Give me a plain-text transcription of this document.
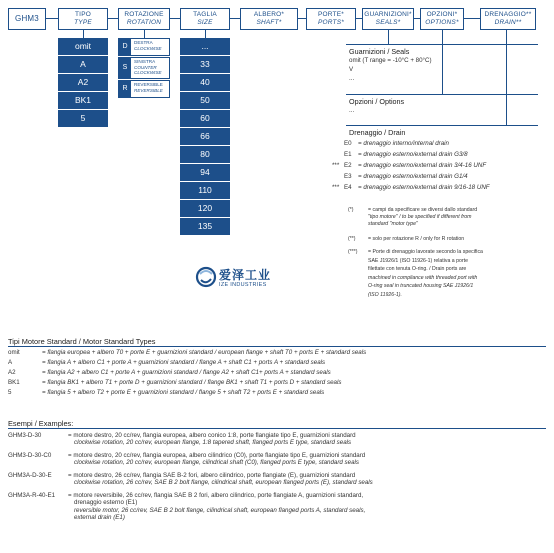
GHM3	TIPO
TYPE
ROTAZIONE
ROTATION
TAGLIA
SIZE
ALBERO*
SHAFT*
PORTE*
PORTS*
GUARNIZIONI*
SEALS*
OPZIONI*
OPTIONS*
DRENAGGIO**
DRAIN**
omit
A
A2
BK1
5
D
DESTRA
CLOCKWISE
S
SINISTRA
COUNTER CLOCKWISE
R
REVERSIBLE
REVERSIBLE
...
33
40
50
60
66
80
94
110
120
135
Guarnizioni / Seals
omit (T range = -10°C + 80°C)
V
...
Opzioni / Options
...
Drenaggio / Drain
E0 = drenaggio interno/internal drain
E1 = drenaggio esterno/external drain G3/8
*** E2 = drenaggio esterno/external drain 3/4-16 UNF
E3 = drenaggio esterno/external drain G1/4
*** E4 = drenaggio esterno/external drain 9/16-18 UNF
(*)	= campi da specificare se diversi dallo standard
"tipo motore" / to be specified if different from
standard "motor type"
(**) = solo per rotazione R / only for R rotation
(***) = Porte di drenaggio lavorate secondo la specifica
SAE J1926/1 (ISO 11926-1) relativa a porte
filettate con tenuta O-ring. / Drain ports are
machined in compliance with threaded port with
O-ring seal in truncated housing SAE J1926/1
(ISO 11926-1).
爱泽工业
IZE INDUSTRIES
Tipi Motore Standard / Motor Standard Types
omit	= flangia europea + albero T0 + porte E + guarnizioni standard / european flange + shaft T0 + ports E + standard seals
A	= flangia A + albero C1 + porte A + guarnizioni standard / flange A + shaft C1 + ports A + standard seals
A2	= flangia A2 + albero C1 + porte A + guarnizioni standard / flange A2 + shaft C1+ ports A + standard seals
BK1	= flangia BK1 + albero T1 + porte D + guarnizioni standard / flange BK1 + shaft T1 + ports D + standard seals
5	= flangia 5 + albero T2 + porte E + guarnizioni standard / flange 5 + shaft T2 + ports E + standard seals
Esempi / Examples:
GHM3-D-30	= motore destro, 20 cc/rev, flangia europea, albero conico 1:8, porte flangiate tipo E, guarnizioni standard
clockwise rotation, 20 cc/rev, european flange, 1:8 tapered shaft, flanged ports E type, standard seals
GHM3-D-30-C0	= motore destro, 20 cc/rev, flangia europea, albero cilindrico (C0), porte flangiate tipo E, guarnizioni standard
clockwise rotation, 20 cc/rev, european flange, cilindrical shaft (C0), flanged ports E type, standard seals
GHM3A-D-30-E	= motore destro, 26 cc/rev, flangia SAE B-2 fori, albero cilindrico, porte flangiate (E), guarnizioni standard
clockwise rotation, 26 cc/rev, SAE B 2 bolt flange, cilindrical shaft, european flanged ports (E), standard seals
GHM3A-R-40-E1 = motore reversibile, 26 cc/rev, flangia SAE B 2 fori, albero cilindrico, porte flangiate A, guarnizioni standard,
drenaggio esterno (E1)
reversible motor, 26 cc/rev, SAE B 2 bolt flange, cilindrical shaft, european flanged ports A, standard seals,
external drain (E1)
